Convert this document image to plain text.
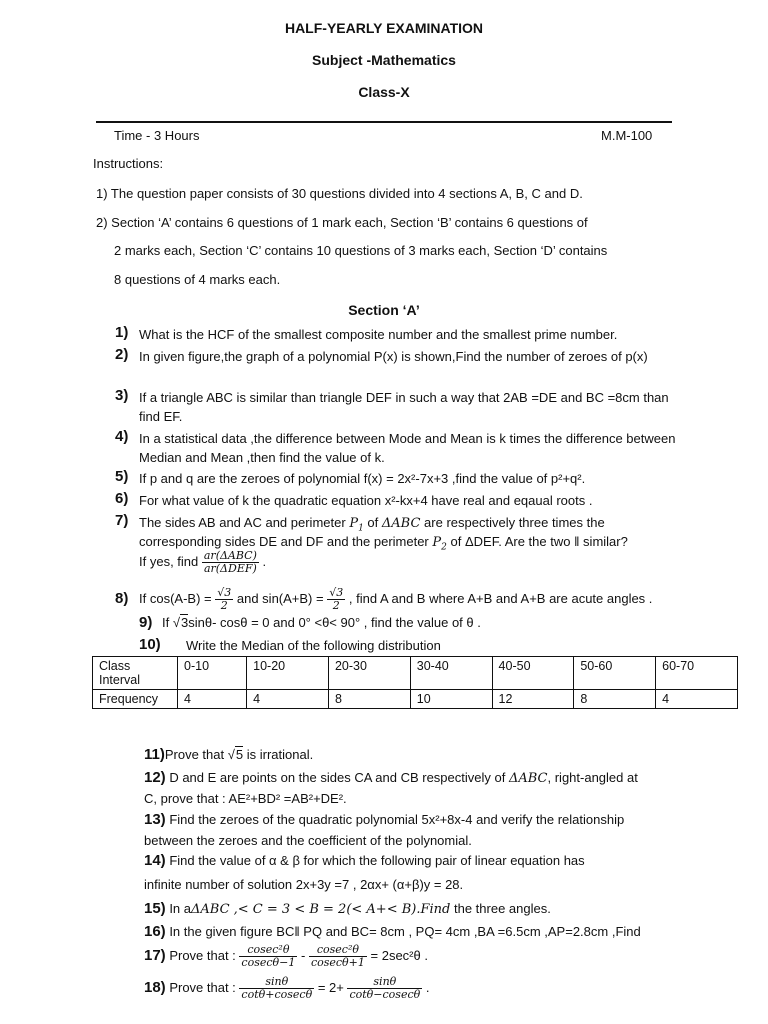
HALF-YEARLY EXAMINATION
Subject -Mathematics
Class-X
Time - 3 Hours	M.M-100
Instructions:
1) The question paper consists of 30 questions divided into 4 sections A, B, C and D.
2) Section ‘A’ contains 6 questions of 1 mark each, Section ‘B’ contains 6 questions of
2 marks each, Section ‘C’ contains 10 questions of 3 marks each, Section ‘D’ contains
8 questions of 4 marks each.
Section ‘A’
1) What is the HCF of the smallest composite number and the smallest prime number.
2) In given figure,the graph of a polynomial P(x) is shown,Find the number of zeroes of p(x)
3) If a triangle ABC is similar than triangle DEF in such a way that 2AB =DE and BC =8cm than find EF.
4) In a statistical data ,the difference between Mode and Mean is k times the difference between Median and Mean ,then find the value of k.
5) If p and q are the zeroes of polynomial f(x) = 2x²-7x+3 ,find the value of p²+q².
6) For what value of k the quadratic equation x²-kx+4 have real and eqaual roots .
7) The sides AB and AC and perimeter $P_1$ of ΔABC are respectively three times the
corresponding sides DE and DF and the perimeter $P_2$ of ΔDEF. Are the two ǁ similar?
If yes, find $\frac{\text{ar(ΔABC)}}{\text{ar(ΔDEF)}}$ .
8) If $\cos(A-B) = \frac{√3}{2}$ and $\sin(A+B) = \frac{√3}{2}$ , find A and B where A+B and A+B are acute angles .
9) If √3sinθ- cosθ = 0 and 0° <θ< 90° , find the value of θ .
10) Write the Median of the following distribution
Class
Interval	0-10	10-20	20-30	30-40	40-50	50-60	60-70
Frequency	4	4	8	10	12	8	4
11)Prove that √5 is irrational.
12) D and E are points on the sides CA and CB respectively of ΔABC, right-angled at
C, prove that : AE²+BD² =AB²+DE².
13) Find the zeroes of the quadratic polynomial 5x²+8x-4 and verify the relationship
between the zeroes and the coefficient of the polynomial.
14) Find the value of α & β for which the following pair of linear equation has
infinite number of solution 2x+3y =7 , 2αx+ (α+β)y = 28.
15) In aΔABC ,< C = 3 < B = 2(< A+< B).Find the three angles.
16) In the given figure BCǁ PQ and BC= 8cm , PQ= 4cm ,BA =6.5cm ,AP=2.8cm ,Find
17) Prove that : $\frac{\text{cosec²θ}}{cosec\theta-1} - \frac{\text{cosec²θ}}{cosec\theta+1} = 2\sec^2\theta$ .
18) Prove that : $\frac{\sin\theta}{\cot\theta+cosec\theta} = 2+ \frac{\sin\theta}{\cot\theta-cosec\theta}$ .
